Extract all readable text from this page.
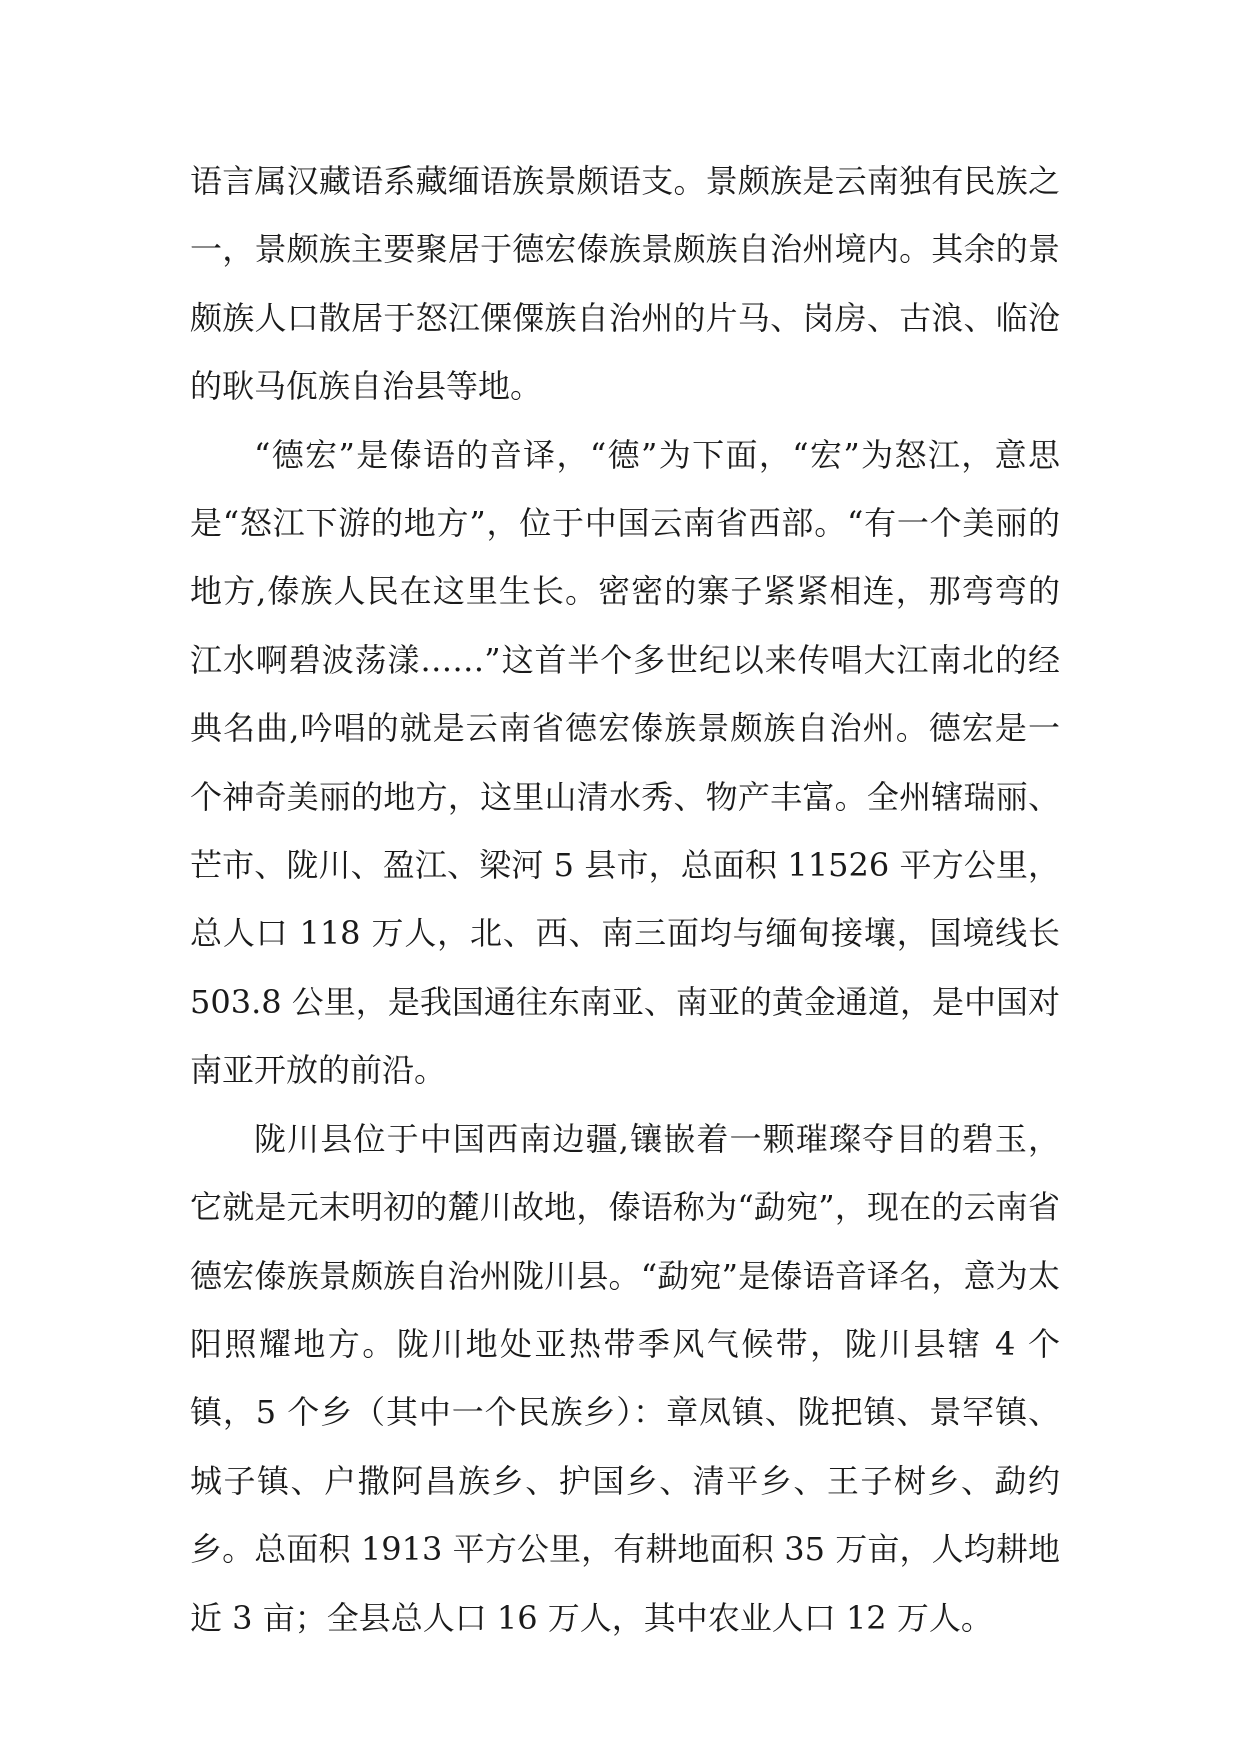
语言属汉藏语系藏缅语族景颇语支。景颇族是云南独有民族之一，景颇族主要聚居于德宏傣族景颇族自治州境内。其余的景颇族人口散居于怒江傈僳族自治州的片马、岗房、古浪、临沧的耿马佤族自治县等地。

“德宏”是傣语的音译，“德”为下面，“宏”为怒江，意思是“怒江下游的地方”，位于中国云南省西部。“有一个美丽的地方,傣族人民在这里生长。密密的寨子紧紧相连，那弯弯的江水啊碧波荡漾……”这首半个多世纪以来传唱大江南北的经典名曲,吟唱的就是云南省德宏傣族景颇族自治州。德宏是一个神奇美丽的地方，这里山清水秀、物产丰富。全州辖瑞丽、芒市、陇川、盈江、梁河 5 县市，总面积 11526 平方公里，总人口 118 万人，北、西、南三面均与缅甸接壤，国境线长 503.8 公里，是我国通往东南亚、南亚的黄金通道，是中国对南亚开放的前沿。

陇川县位于中国西南边疆,镶嵌着一颗璀璨夺目的碧玉，它就是元末明初的麓川故地，傣语称为“勐宛”，现在的云南省德宏傣族景颇族自治州陇川县。“勐宛”是傣语音译名，意为太阳照耀地方。陇川地处亚热带季风气候带，陇川县辖 4 个镇，5 个乡（其中一个民族乡）：章凤镇、陇把镇、景罕镇、城子镇、户撒阿昌族乡、护国乡、清平乡、王子树乡、勐约乡。总面积 1913 平方公里，有耕地面积 35 万亩，人均耕地近 3 亩；全县总人口 16 万人，其中农业人口 12 万人。
